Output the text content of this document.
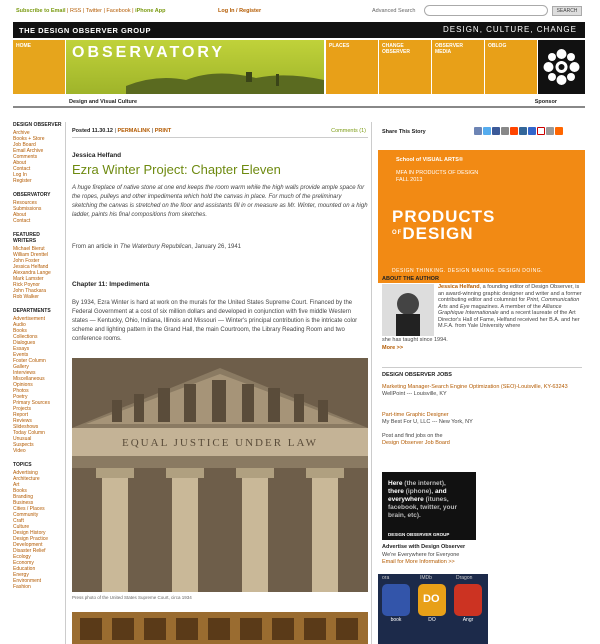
Subscribe to Email | RSS | Twitter | Facebook | iPhone App	Log In / Register	Advanced Search	SEARCH
THE DESIGN OBSERVER GROUP	DESIGN, CULTURE, CHANGE
HOME	OBSERVATORY	PLACES	CHANGE OBSERVER
OBSERVER MEDIA
OBLOG
Design and Visual Culture	Sponsor
DESIGN OBSERVER
Archive
Books + Store
Job Board
Email Archive
Comments
About
Contact
Log In
Register
OBSERVATORY
Resources
Submissions
About
Contact
FEATURED WRITERS
Michael Bierut
William Drenttel
John Foster
Jessica Helfand
Alexandra Lange
Mark Lamster
Rick Poynor
John Thackara
Rob Walker
DEPARTMENTS
Advertisement
Audio
Books
Collections
Dialogues
Essays
Events
Foster Column
Gallery
Interviews
Miscellaneous
Opinions
Photos
Poetry
Primary Sources
Projects
Report
Reviews
Slideshows
Today Column
Unusual
Suspects
Video
TOPICS
Advertising
Architecture
Art
Books
Branding
Business
Cities / Places
Community
Craft
Culture
Design History
Design Practice
Development
Disaster Relief
Ecology
Economy
Education
Energy
Environment
Fashion
Posted 11.30.12 | PERMALINK | PRINT	Comments (1)
Jessica Helfand
Ezra Winter Project: Chapter Eleven
A huge fireplace of native stone at one end keeps the room warm while the high walls provide ample space for the ropes, pulleys and other impedimenta which hold the canvas in place. For much of the preliminary sketching the canvas is stretched on the floor and assistants fill in or measure as Mr. Winter, mounted on a high ladder, paints his final compositions from sketches.
From an article in The Waterbury Republican, January 26, 1941
Chapter 11: Impedimenta
By 1934, Ezra Winter is hard at work on the murals for the United States Supreme Court. Financed by the Federal Government at a cost of six million dollars and developed in conjunction with five middle Western states — Kentucky, Ohio, Indiana, Illinois and Missouri — Winter's principal contribution is the intricate color scheme and lighting pattern in the Grand Hall, the main Courtroom, the Library Reading Room and two conference rooms.
EQUAL JUSTICE UNDER LAW
Press photo of the United States Supreme Court, circa 1934
Share This Story
School of VISUAL ARTS®
MFA IN PRODUCTS OF DESIGN
FALL 2013
PRODUCTS
$^{OF}$DESIGN
DESIGN THINKING. DESIGN MAKING. DESIGN DOING.
ABOUT THE AUTHOR
Jessica Helfand, a founding editor of Design Observer, is an award-winning graphic designer and writer and a former contributing editor and columnist for Print, Communication Arts and Eye magazines. A member of the Alliance Graphique Internationale and a recent laureate of the Art Director's Hall of Fame, Helfand received her B.A. and her M.F.A. from Yale University where
she has taught since 1994.
More >>
DESIGN OBSERVER JOBS
Marketing Manager-Search Engine Optimization (SEO)-Louisville, KY-63243
WellPoint --- Louisville, KY
Part-time Graphic Designer
My Best For U, LLC --- New York, NY
Post and find jobs on the
Design Observer Job Board
Here (the internet),
there (iphone), and
everywhere (itunes, facebook, twitter, your brain, etc).
DESIGN OBSERVER GROUP
Advertise with Design Observer
We're Everywhere for Everyone
Email for More Information >>
ora	IMDb	Dragon
book
DO
DO	Angr
